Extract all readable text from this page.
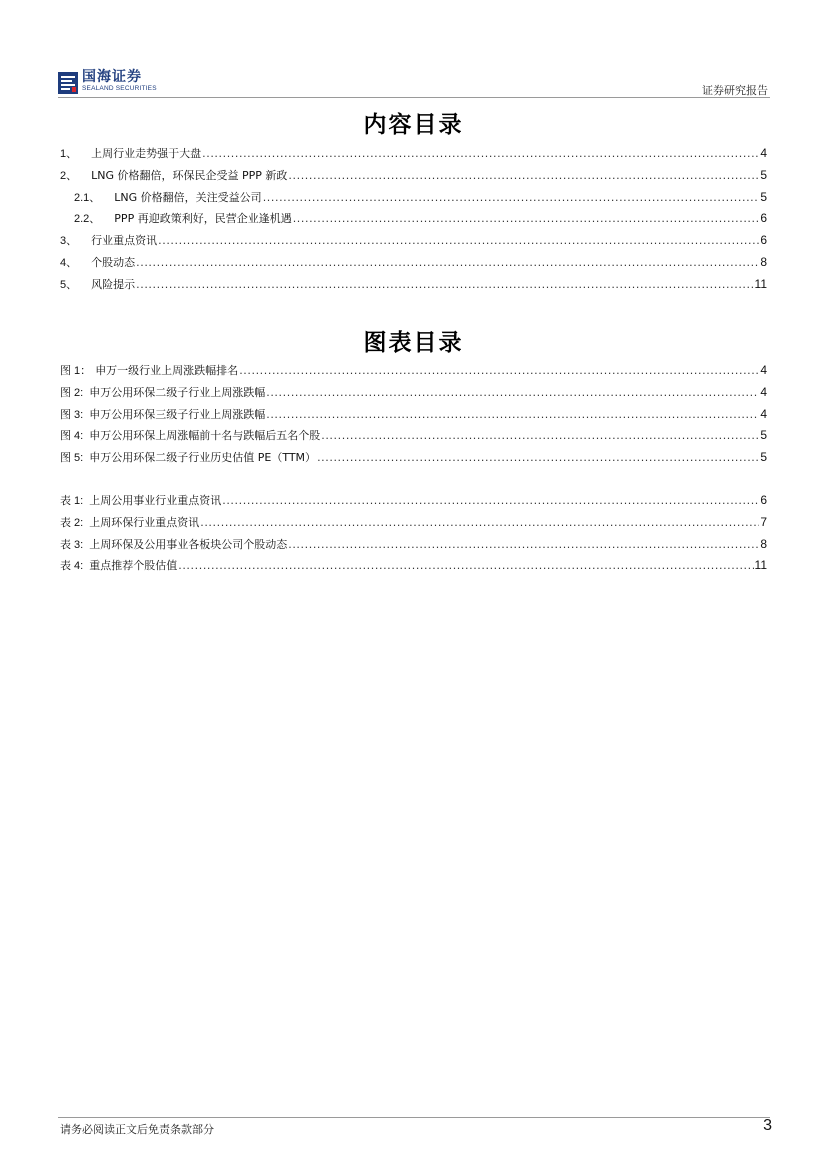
国海证券
SEALAND SECURITIES	证券研究报告
内容目录
1、 上周行业走势强于大盘 .....	4
2、 LNG 价格翻倍，环保民企受益 PPP 新政 .....	5
2.1、 LNG 价格翻倍，关注受益公司 .....	5
2.2、 PPP 再迎政策利好，民营企业逢机遇 .....	6
3、 行业重点资讯 .....	6
4、 个股动态 .....	8
5、 风险提示 .....	11
图表目录
图 1： 申万一级行业上周涨跌幅排名 .....	4
图 2: 申万公用环保二级子行业上周涨跌幅 .....	4
图 3: 申万公用环保三级子行业上周涨跌幅 .....	4
图 4: 申万公用环保上周涨幅前十名与跌幅后五名个股 .....	5
图 5: 申万公用环保二级子行业历史估值 PE（TTM） .....	5
表 1: 上周公用事业行业重点资讯 .....	6
表 2: 上周环保行业重点资讯 .....	7
表 3: 上周环保及公用事业各板块公司个股动态 .....	8
表 4: 重点推荐个股估值 .....	11
请务必阅读正文后免责条款部分	3
